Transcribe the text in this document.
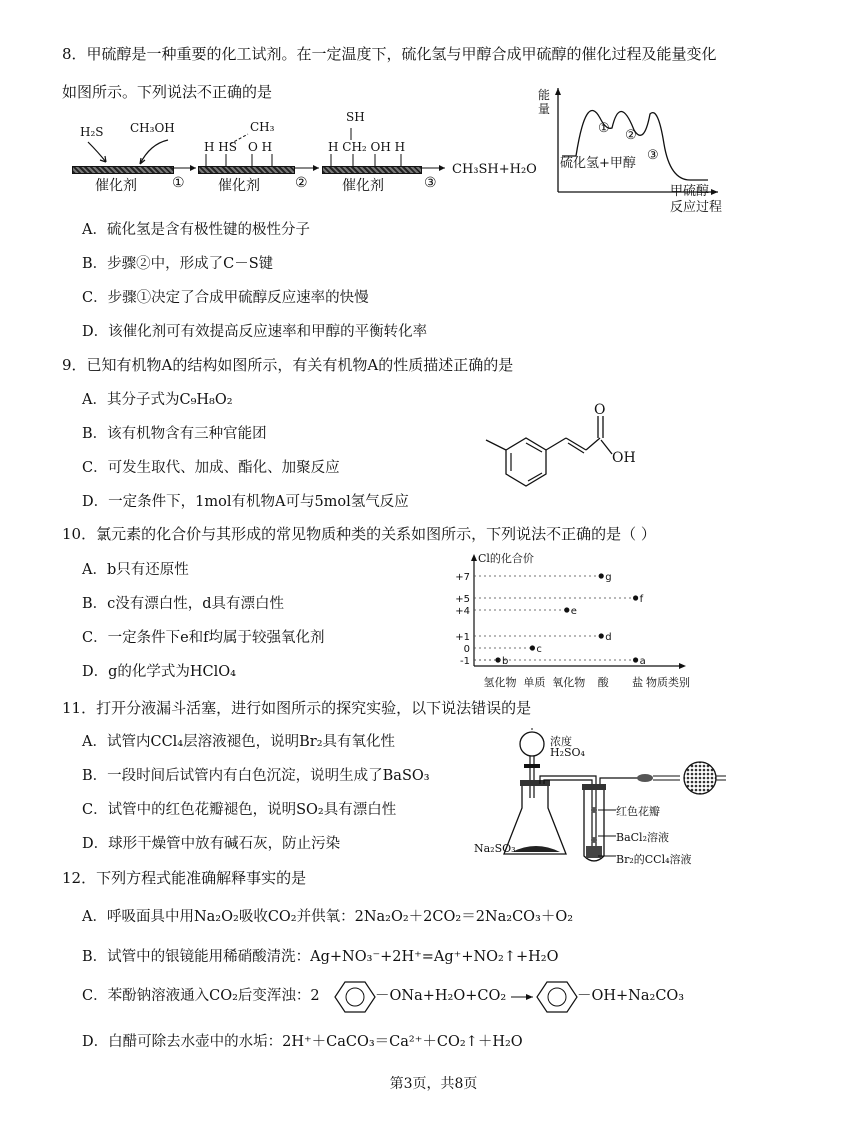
8．甲硫醇是一种重要的化工试剂。在一定温度下，硫化氢与甲醇合成甲硫醇的催化过程及能量变化
如图所示。下列说法不正确的是
H₂S CH₃OH
催化剂	①
H HS
CH₃
O H
催化剂	②
SH
H CH₂ OH H
催化剂	③
CH₃SH+H₂O
能量
① ②
③
硫化氢+甲醇
甲硫醇
反应过程
A．硫化氢是含有极性键的极性分子
B．步骤②中，形成了C－S键
C．步骤①决定了合成甲硫醇反应速率的快慢
D．该催化剂可有效提高反应速率和甲醇的平衡转化率
9．已知有机物A的结构如图所示，有关有机物A的性质描述正确的是
A．其分子式为C₉H₈O₂
B．该有机物含有三种官能团
C．可发生取代、加成、酯化、加聚反应
D．一定条件下，1mol有机物A可与5mol氢气反应
O
OH
10．氯元素的化合价与其形成的常见物质种类的关系如图所示，下列说法不正确的是（ ）
A．b只有还原性
B．c没有漂白性，d具有漂白性
C．一定条件下e和f均属于较强氧化剂
D．g的化学式为HClO₄
Cl的化合价
-1
0
+1
+4
+5
+7
b
c
e
g
d
f
a
氢化物 单质 氧化物 酸 盐 物质类别
11．打开分液漏斗活塞，进行如图所示的探究实验，以下说法错误的是
A．试管内CCl₄层溶液褪色，说明Br₂具有氧化性
B．一段时间后试管内有白色沉淀，说明生成了BaSO₃
C．试管中的红色花瓣褪色，说明SO₂具有漂白性
D．球形干燥管中放有碱石灰，防止污染
浓度
H₂SO₄
Na₂SO₃
红色花瓣
BaCl₂溶液
Br₂的CCl₄溶液
12．下列方程式能准确解释事实的是
A．呼吸面具中用Na₂O₂吸收CO₂并供氧：2Na₂O₂＋2CO₂＝2Na₂CO₃＋O₂
B．试管中的银镜能用稀硝酸清洗：Ag+NO₃⁻+2H⁺=Ag⁺+NO₂↑+H₂O
C．苯酚钠溶液通入CO₂后变浑浊：2	－ONa+H₂O+CO₂	－OH+Na₂CO₃
D．白醋可除去水壶中的水垢：2H⁺＋CaCO₃＝Ca²⁺＋CO₂↑＋H₂O
第3页，共8页
